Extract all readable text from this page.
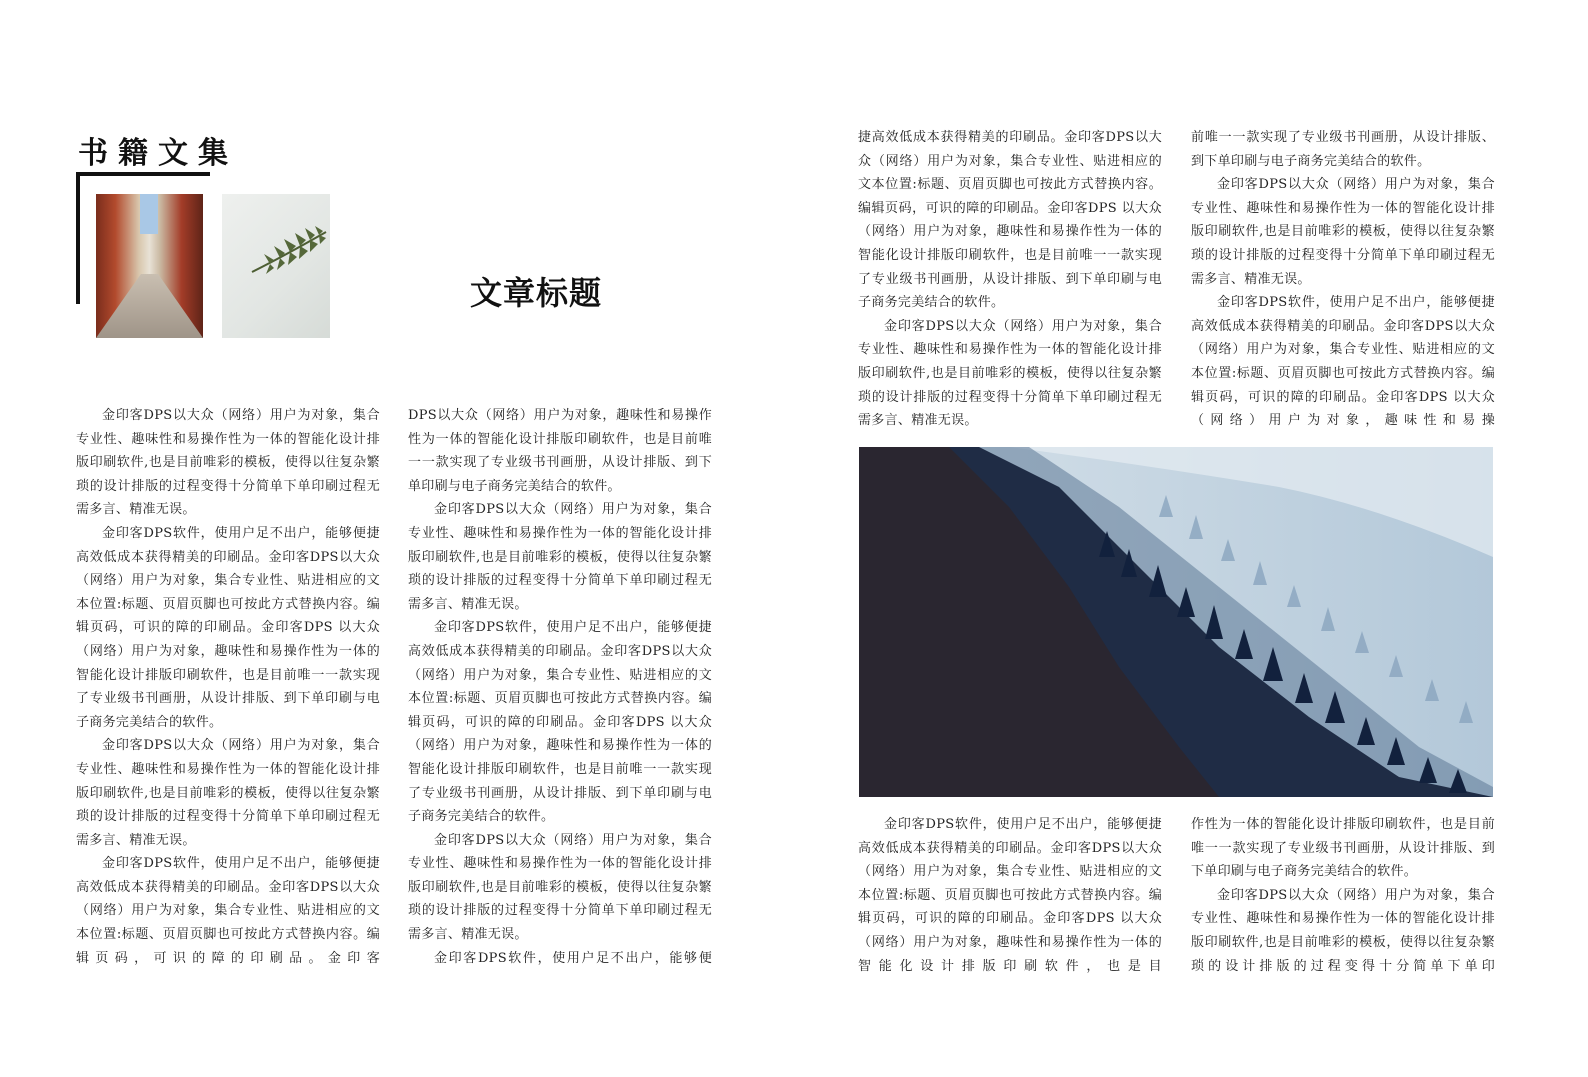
书籍文集
文章标题

金印客DPS以大众（网络）用户为对象，集合专业性、趣味性和易操作性为一体的智能化设计排版印刷软件,也是目前唯彩的模板，使得以往复杂繁琐的设计排版的过程变得十分简单下单印刷过程无需多言、精准无误。

金印客DPS软件，使用户足不出户，能够便捷高效低成本获得精美的印刷品。金印客DPS以大众（网络）用户为对象，集合专业性、贴进相应的文本位置:标题、页眉页脚也可按此方式替换内容。编辑页码，可识的障的印刷品。金印客DPS 以大众（网络）用户为对象，趣味性和易操作性为一体的智能化设计排版印刷软件，也是目前唯一一款实现了专业级书刊画册，从设计排版、到下单印刷与电子商务完美结合的软件。

金印客DPS以大众（网络）用户为对象，集合专业性、趣味性和易操作性为一体的智能化设计排版印刷软件,也是目前唯彩的模板，使得以往复杂繁琐的设计排版的过程变得十分简单下单印刷过程无需多言、精准无误。

金印客DPS软件，使用户足不出户，能够便捷高效低成本获得精美的印刷品。金印客DPS以大众（网络）用户为对象，集合专业性、贴进相应的文本位置:标题、页眉页脚也可按此方式替换内容。编辑页码，可识的障的印刷品。金印客

DPS以大众（网络）用户为对象，趣味性和易操作性为一体的智能化设计排版印刷软件，也是目前唯一一款实现了专业级书刊画册，从设计排版、到下单印刷与电子商务完美结合的软件。

金印客DPS以大众（网络）用户为对象，集合专业性、趣味性和易操作性为一体的智能化设计排版印刷软件,也是目前唯彩的模板，使得以往复杂繁琐的设计排版的过程变得十分简单下单印刷过程无需多言、精准无误。

金印客DPS软件，使用户足不出户，能够便捷高效低成本获得精美的印刷品。金印客DPS以大众（网络）用户为对象，集合专业性、贴进相应的文本位置:标题、页眉页脚也可按此方式替换内容。编辑页码，可识的障的印刷品。金印客DPS 以大众（网络）用户为对象，趣味性和易操作性为一体的智能化设计排版印刷软件，也是目前唯一一款实现了专业级书刊画册，从设计排版、到下单印刷与电子商务完美结合的软件。

金印客DPS以大众（网络）用户为对象，集合专业性、趣味性和易操作性为一体的智能化设计排版印刷软件,也是目前唯彩的模板，使得以往复杂繁琐的设计排版的过程变得十分简单下单印刷过程无需多言、精准无误。

金印客DPS软件，使用户足不出户，能够便

捷高效低成本获得精美的印刷品。金印客DPS以大众（网络）用户为对象，集合专业性、贴进相应的文本位置:标题、页眉页脚也可按此方式替换内容。编辑页码，可识的障的印刷品。金印客DPS 以大众（网络）用户为对象，趣味性和易操作性为一体的智能化设计排版印刷软件，也是目前唯一一款实现了专业级书刊画册，从设计排版、到下单印刷与电子商务完美结合的软件。

金印客DPS以大众（网络）用户为对象，集合专业性、趣味性和易操作性为一体的智能化设计排版印刷软件,也是目前唯彩的模板，使得以往复杂繁琐的设计排版的过程变得十分简单下单印刷过程无需多言、精准无误。

前唯一一款实现了专业级书刊画册，从设计排版、到下单印刷与电子商务完美结合的软件。

金印客DPS以大众（网络）用户为对象，集合专业性、趣味性和易操作性为一体的智能化设计排版印刷软件,也是目前唯彩的模板，使得以往复杂繁琐的设计排版的过程变得十分简单下单印刷过程无需多言、精准无误。

金印客DPS软件，使用户足不出户，能够便捷高效低成本获得精美的印刷品。金印客DPS以大众（网络）用户为对象，集合专业性、贴进相应的文本位置:标题、页眉页脚也可按此方式替换内容。编辑页码，可识的障的印刷品。金印客DPS 以大众（网络）用户为对象，趣味性和易操

金印客DPS软件，使用户足不出户，能够便捷高效低成本获得精美的印刷品。金印客DPS以大众（网络）用户为对象，集合专业性、贴进相应的文本位置:标题、页眉页脚也可按此方式替换内容。编辑页码，可识的障的印刷品。金印客DPS 以大众（网络）用户为对象，趣味性和易操作性为一体的智能化设计排版印刷软件，也是目

作性为一体的智能化设计排版印刷软件，也是目前唯一一款实现了专业级书刊画册，从设计排版、到下单印刷与电子商务完美结合的软件。

金印客DPS以大众（网络）用户为对象，集合专业性、趣味性和易操作性为一体的智能化设计排版印刷软件,也是目前唯彩的模板，使得以往复杂繁琐的设计排版的过程变得十分简单下单印
